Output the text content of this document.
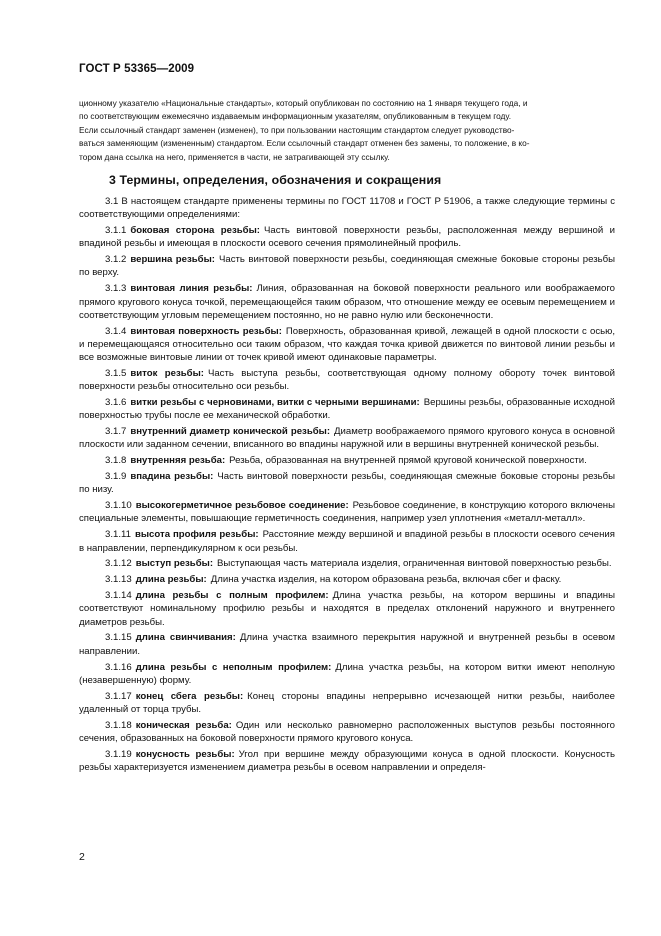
ГОСТ Р 53365—2009

ционному указателю «Национальные стандарты», который опубликован по состоянию на 1 января текущего года, и

по соответствующим ежемесячно издаваемым информационным указателям, опубликованным в текущем году.

Если ссылочный стандарт заменен (изменен), то при пользовании настоящим стандартом следует руководство-

ваться заменяющим (измененным) стандартом. Если ссылочный стандарт отменен без замены, то положение, в ко-

тором дана ссылка на него, применяется в части, не затрагивающей эту ссылку.

3 Термины, определения, обозначения и сокращения

3.1 В настоящем стандарте применены термины по ГОСТ 11708 и ГОСТ Р 51906, а также следующие термины с соответствующими определениями:

3.1.1 боковая сторона резьбы: Часть винтовой поверхности резьбы, расположенная между вершиной и впадиной резьбы и имеющая в плоскости осевого сечения прямолинейный профиль.

3.1.2 вершина резьбы: Часть винтовой поверхности резьбы, соединяющая смежные боковые стороны резьбы по верху.

3.1.3 винтовая линия резьбы: Линия, образованная на боковой поверхности реального или воображаемого прямого кругового конуса точкой, перемещающейся таким образом, что отношение между ее осевым перемещением и соответствующим угловым перемещением постоянно, но не равно нулю или бесконечности.

3.1.4 винтовая поверхность резьбы: Поверхность, образованная кривой, лежащей в одной плоскости с осью, и перемещающаяся относительно оси таким образом, что каждая точка кривой движется по винтовой линии резьбы и все возможные винтовые линии от точек кривой имеют одинаковые параметры.

3.1.5 виток резьбы: Часть выступа резьбы, соответствующая одному полному обороту точек винтовой поверхности резьбы относительно оси резьбы.

3.1.6 витки резьбы с черновинами, витки с черными вершинами: Вершины резьбы, образованные исходной поверхностью трубы после ее механической обработки.

3.1.7 внутренний диаметр конической резьбы: Диаметр воображаемого прямого кругового конуса в основной плоскости или заданном сечении, вписанного во впадины наружной или в вершины внутренней конической резьбы.

3.1.8 внутренняя резьба: Резьба, образованная на внутренней прямой круговой конической поверхности.

3.1.9 впадина резьбы: Часть винтовой поверхности резьбы, соединяющая смежные боковые стороны резьбы по низу.

3.1.10 высокогерметичное резьбовое соединение: Резьбовое соединение, в конструкцию которого включены специальные элементы, повышающие герметичность соединения, например узел уплотнения «металл-металл».

3.1.11 высота профиля резьбы: Расстояние между вершиной и впадиной резьбы в плоскости осевого сечения в направлении, перпендикулярном к оси резьбы.

3.1.12 выступ резьбы: Выступающая часть материала изделия, ограниченная винтовой поверхностью резьбы.

3.1.13 длина резьбы: Длина участка изделия, на котором образована резьба, включая сбег и фаску.

3.1.14 длина резьбы с полным профилем: Длина участка резьбы, на котором вершины и впадины соответствуют номинальному профилю резьбы и находятся в пределах отклонений наружного и внутреннего диаметров резьбы.

3.1.15 длина свинчивания: Длина участка взаимного перекрытия наружной и внутренней резьбы в осевом направлении.

3.1.16 длина резьбы с неполным профилем: Длина участка резьбы, на котором витки имеют неполную (незавершенную) форму.

3.1.17 конец сбега резьбы: Конец стороны впадины непрерывно исчезающей нитки резьбы, наиболее удаленный от торца трубы.

3.1.18 коническая резьба: Один или несколько равномерно расположенных выступов резьбы постоянного сечения, образованных на боковой поверхности прямого кругового конуса.

3.1.19 конусность резьбы: Угол при вершине между образующими конуса в одной плоскости. Конусность резьбы характеризуется изменением диаметра резьбы в осевом направлении и определя-

2
